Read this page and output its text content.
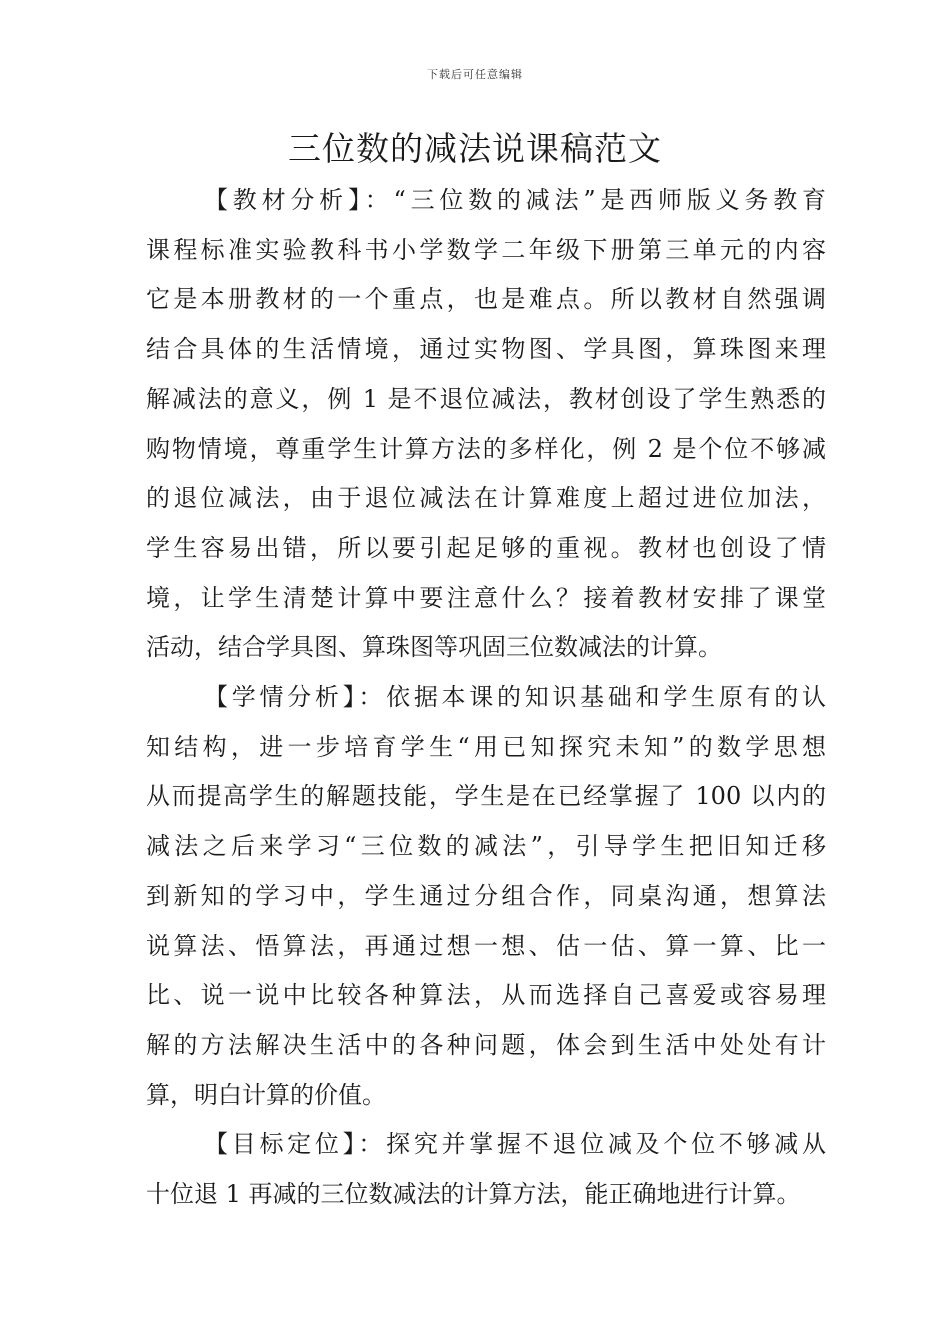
下载后可任意编辑
三位数的减法说课稿范文

【教材分析】：“三位数的减法”是西师版义务教育
课程标准实验教科书小学数学二年级下册第三单元的内容
它是本册教材的一个重点，也是难点。所以教材自然强调
结合具体的生活情境，通过实物图、学具图，算珠图来理
解减法的意义，例 1 是不退位减法，教材创设了学生熟悉的
购物情境，尊重学生计算方法的多样化，例 2 是个位不够减
的退位减法，由于退位减法在计算难度上超过进位加法，
学生容易出错，所以要引起足够的重视。教材也创设了情
境，让学生清楚计算中要注意什么？接着教材安排了课堂
活动，结合学具图、算珠图等巩固三位数减法的计算。

【学情分析】：依据本课的知识基础和学生原有的认
知结构，进一步培育学生“用已知探究未知”的数学思想
从而提高学生的解题技能，学生是在已经掌握了 100 以内的
减法之后来学习“三位数的减法”，引导学生把旧知迁移
到新知的学习中，学生通过分组合作，同桌沟通，想算法
说算法、悟算法，再通过想一想、估一估、算一算、比一
比、说一说中比较各种算法，从而选择自己喜爱或容易理
解的方法解决生活中的各种问题，体会到生活中处处有计
算，明白计算的价值。

【目标定位】：探究并掌握不退位减及个位不够减从
十位退 1 再减的三位数减法的计算方法，能正确地进行计算。
